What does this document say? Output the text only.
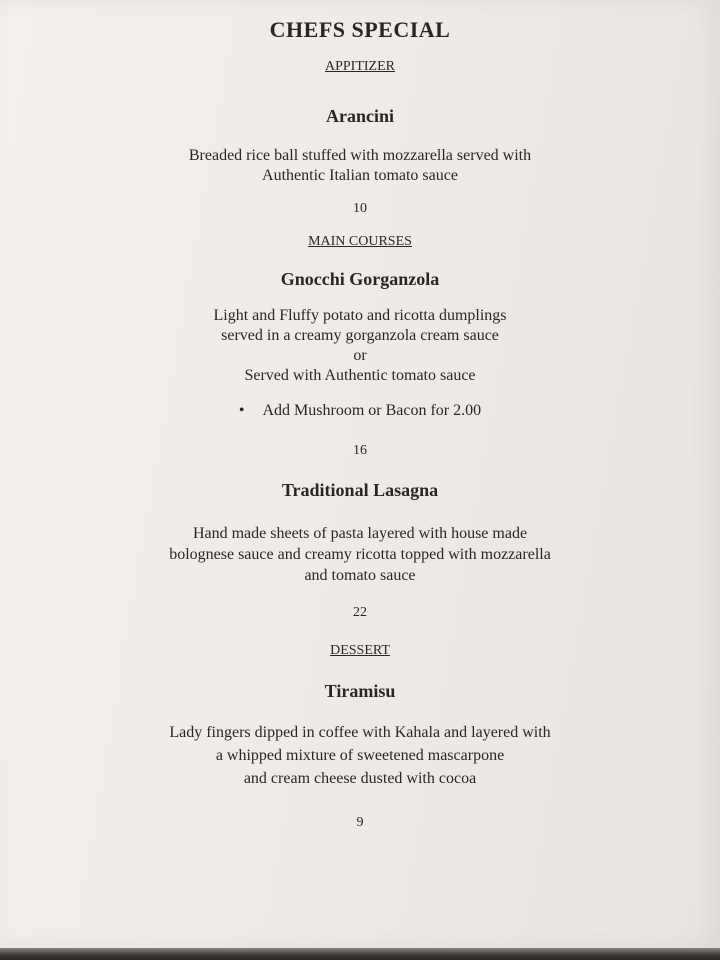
CHEFS SPECIAL
APPITIZER
Arancini
Breaded rice ball stuffed with mozzarella served with
Authentic Italian tomato sauce
10
MAIN COURSES
Gnocchi Gorganzola
Light and Fluffy potato and ricotta dumplings
served in a creamy gorganzola cream sauce
or
Served with Authentic tomato sauce
• Add Mushroom or Bacon for 2.00
16
Traditional Lasagna
Hand made sheets of pasta layered with house made
bolognese sauce and creamy ricotta topped with mozzarella
and tomato sauce
22
DESSERT
Tiramisu
Lady fingers dipped in coffee with Kahala and layered with
a whipped mixture of sweetened mascarpone
and cream cheese dusted with cocoa
9
